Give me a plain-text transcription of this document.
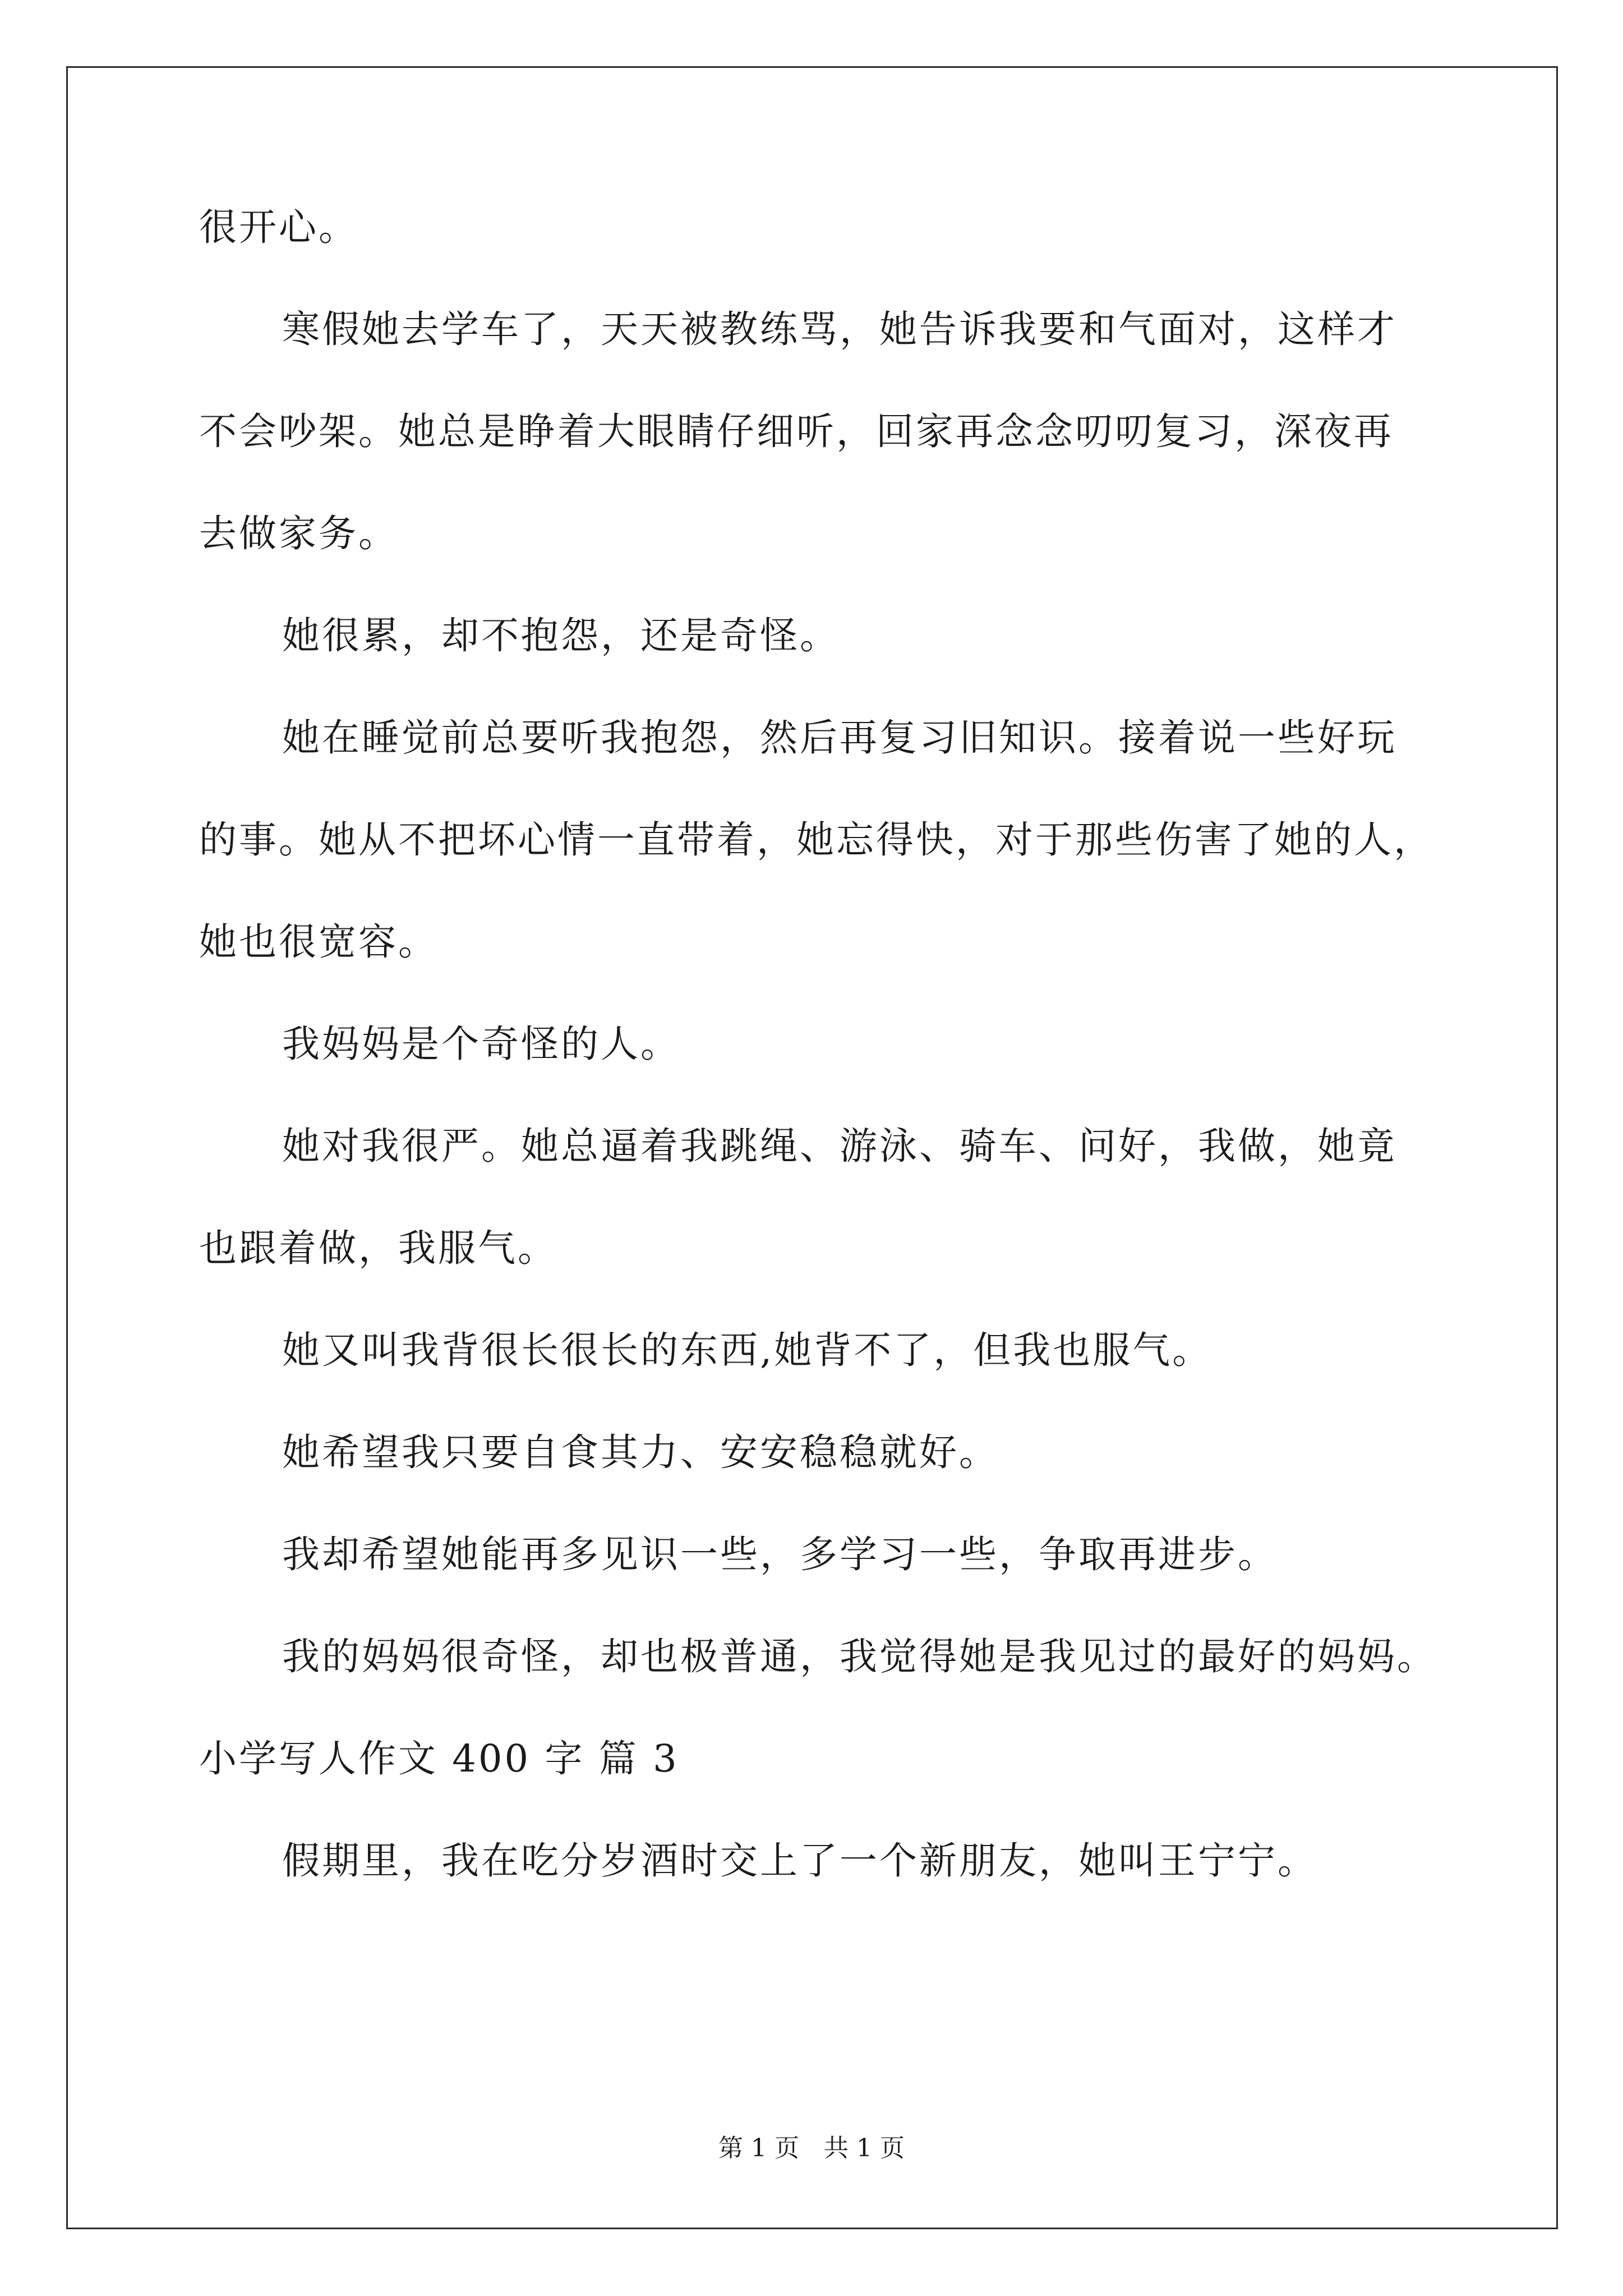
很开心。
寒假她去学车了，天天被教练骂，她告诉我要和气面对，这样才
不会吵架。她总是睁着大眼睛仔细听，回家再念念叨叨复习，深夜再
去做家务。
她很累，却不抱怨，还是奇怪。
她在睡觉前总要听我抱怨，然后再复习旧知识。接着说一些好玩
的事。她从不把坏心情一直带着，她忘得快，对于那些伤害了她的人，
她也很宽容。
我妈妈是个奇怪的人。
她对我很严。她总逼着我跳绳、游泳、骑车、问好，我做，她竟
也跟着做，我服气。
她又叫我背很长很长的东西,她背不了，但我也服气。
她希望我只要自食其力、安安稳稳就好。
我却希望她能再多见识一些，多学习一些，争取再进步。
我的妈妈很奇怪，却也极普通，我觉得她是我见过的最好的妈妈。
小学写人作文 400 字 篇 3
假期里，我在吃分岁酒时交上了一个新朋友，她叫王宁宁。
第 1 页　共 1 页
